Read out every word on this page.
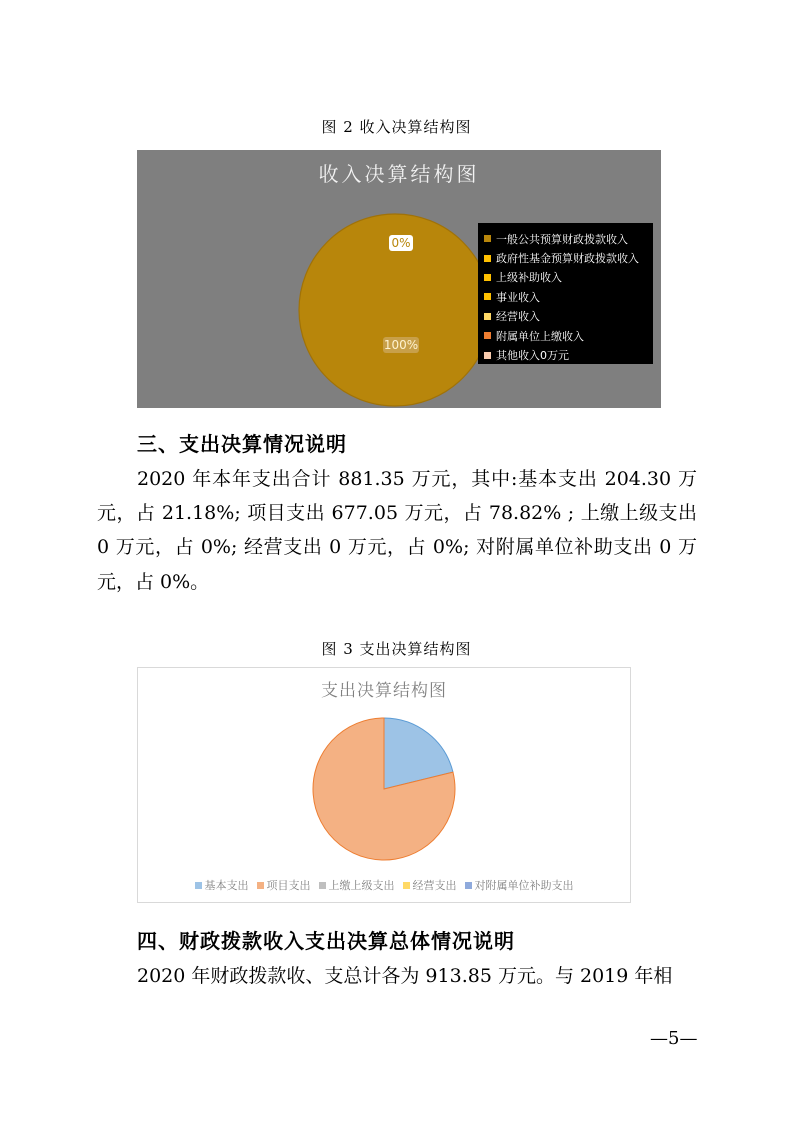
图 2 收入决算结构图
0%
100%
收入决算结构图
一般公共预算财政拨款收入
政府性基金预算财政拨款收入
上级补助收入
事业收入
经营收入
附属单位上缴收入
其他收入0万元
三、支出决算情况说明
2020 年本年支出合计 881.35 万元，其中:基本支出 204.30 万元，占 21.18%; 项目支出 677.05 万元，占 78.82% ; 上缴上级支出 0 万元，占 0%; 经营支出 0 万元，占 0%; 对附属单位补助支出 0 万元，占 0%。
图 3 支出决算结构图
支出决算结构图
基本支出 项目支出 上缴上级支出 经营支出 对附属单位补助支出
四、财政拨款收入支出决算总体情况说明
2020 年财政拨款收、支总计各为 913.85 万元。与 2019 年相
—5—
